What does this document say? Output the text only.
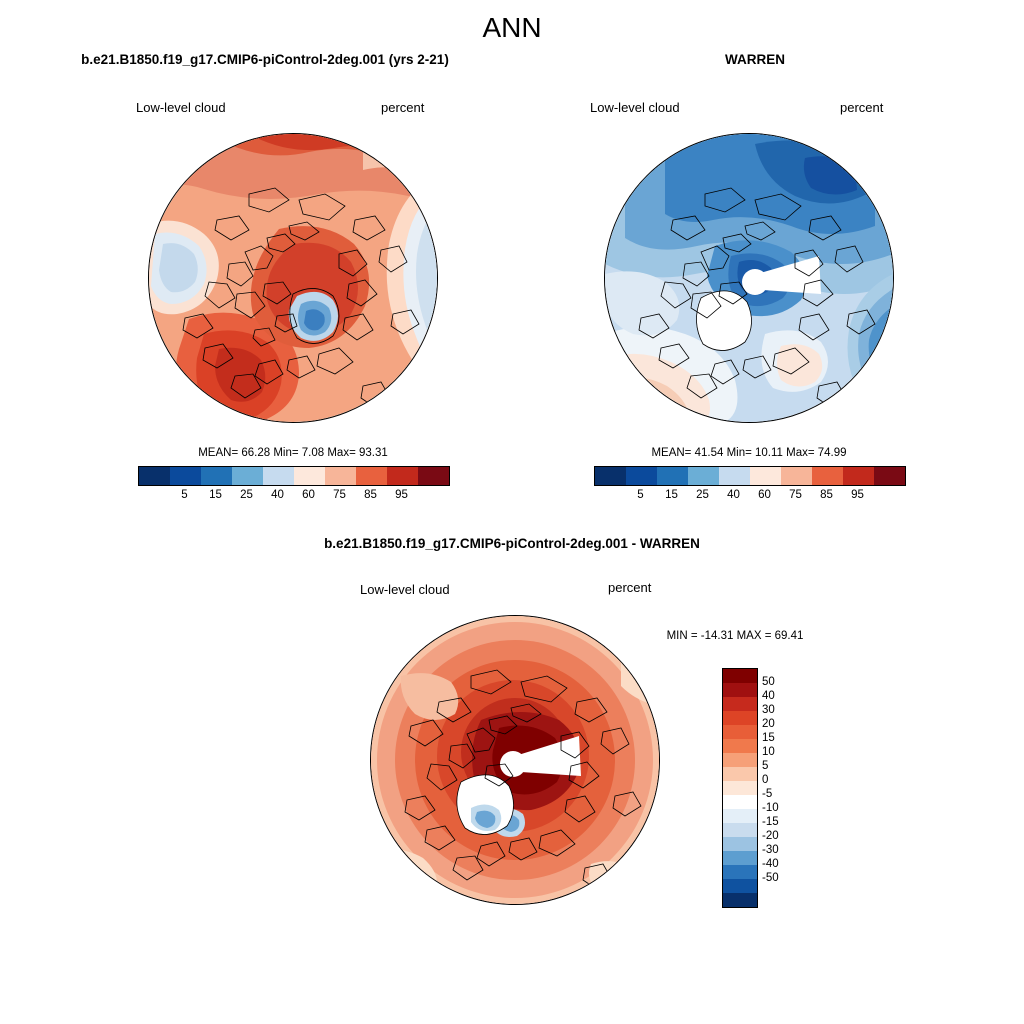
ANN
b.e21.B1850.f19_g17.CMIP6-piControl-2deg.001 (yrs 2-21)
Low-level cloud	percent
MEAN= 66.28 Min= 7.08 Max= 93.31
5	15	25	40	60	75	85	95
WARREN
Low-level cloud	percent
MEAN= 41.54 Min= 10.11 Max= 74.99
5	15	25	40	60	75	85	95
b.e21.B1850.f19_g17.CMIP6-piControl-2deg.001 - WARREN
Low-level cloud	percent
MIN = -14.31 MAX = 69.41
50
40
30
20
15
10
5
0
-5
-10
-15
-20
-30
-40
-50
